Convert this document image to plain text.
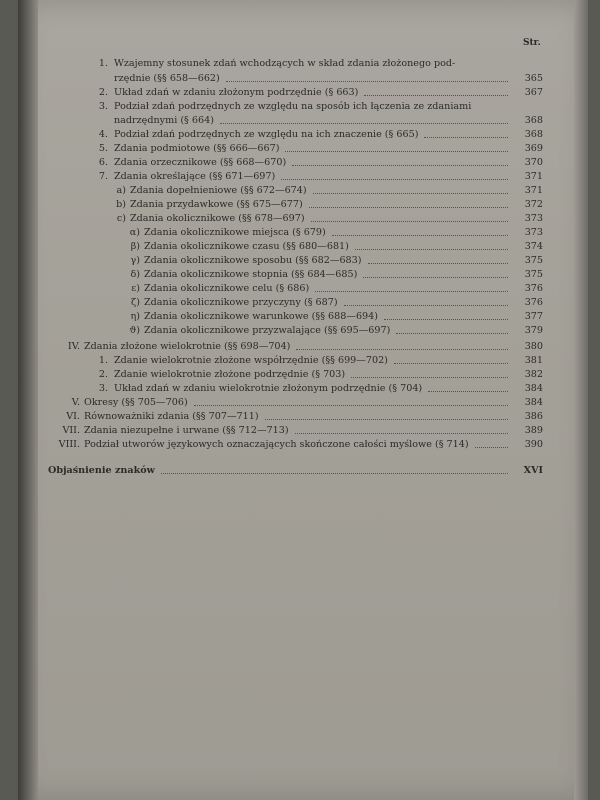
Str.
1. Wzajemny stosunek zdań wchodzących w skład zdania złożonego pod-
rzędnie (§§ 658—662)	365
2. Układ zdań w zdaniu złożonym podrzędnie (§ 663)	367
3. Podział zdań podrzędnych ze względu na sposób ich łączenia ze zdaniami
nadrzędnymi (§ 664)	368
4. Podział zdań podrzędnych ze względu na ich znaczenie (§ 665)	368
5. Zdania podmiotowe (§§ 666—667)	369
6. Zdania orzecznikowe (§§ 668—670)	370
7. Zdania określające (§§ 671—697)	371
a) Zdania dopełnieniowe (§§ 672—674)	371
b) Zdania przydawkowe (§§ 675—677)	372
c) Zdania okolicznikowe (§§ 678—697)	373
α) Zdania okolicznikowe miejsca (§ 679)	373
β) Zdania okolicznikowe czasu (§§ 680—681)	374
γ) Zdania okolicznikowe sposobu (§§ 682—683)	375
δ) Zdania okolicznikowe stopnia (§§ 684—685)	375
ε) Zdania okolicznikowe celu (§ 686)	376
ζ) Zdania okolicznikowe przyczyny (§ 687)	376
η) Zdania okolicznikowe warunkowe (§§ 688—694)	377
ϑ) Zdania okolicznikowe przyzwalające (§§ 695—697)	379
IV. Zdania złożone wielokrotnie (§§ 698—704)	380
1. Zdanie wielokrotnie złożone współrzędnie (§§ 699—702)	381
2. Zdanie wielokrotnie złożone podrzędnie (§ 703)	382
3. Układ zdań w zdaniu wielokrotnie złożonym podrzędnie (§ 704)	384
V. Okresy (§§ 705—706)	384
VI. Równoważniki zdania (§§ 707—711)	386
VII. Zdania niezupełne i urwane (§§ 712—713)	389
VIII. Podział utworów językowych oznaczających skończone całości myślowe (§ 714)	390
Objaśnienie znaków	XVI
